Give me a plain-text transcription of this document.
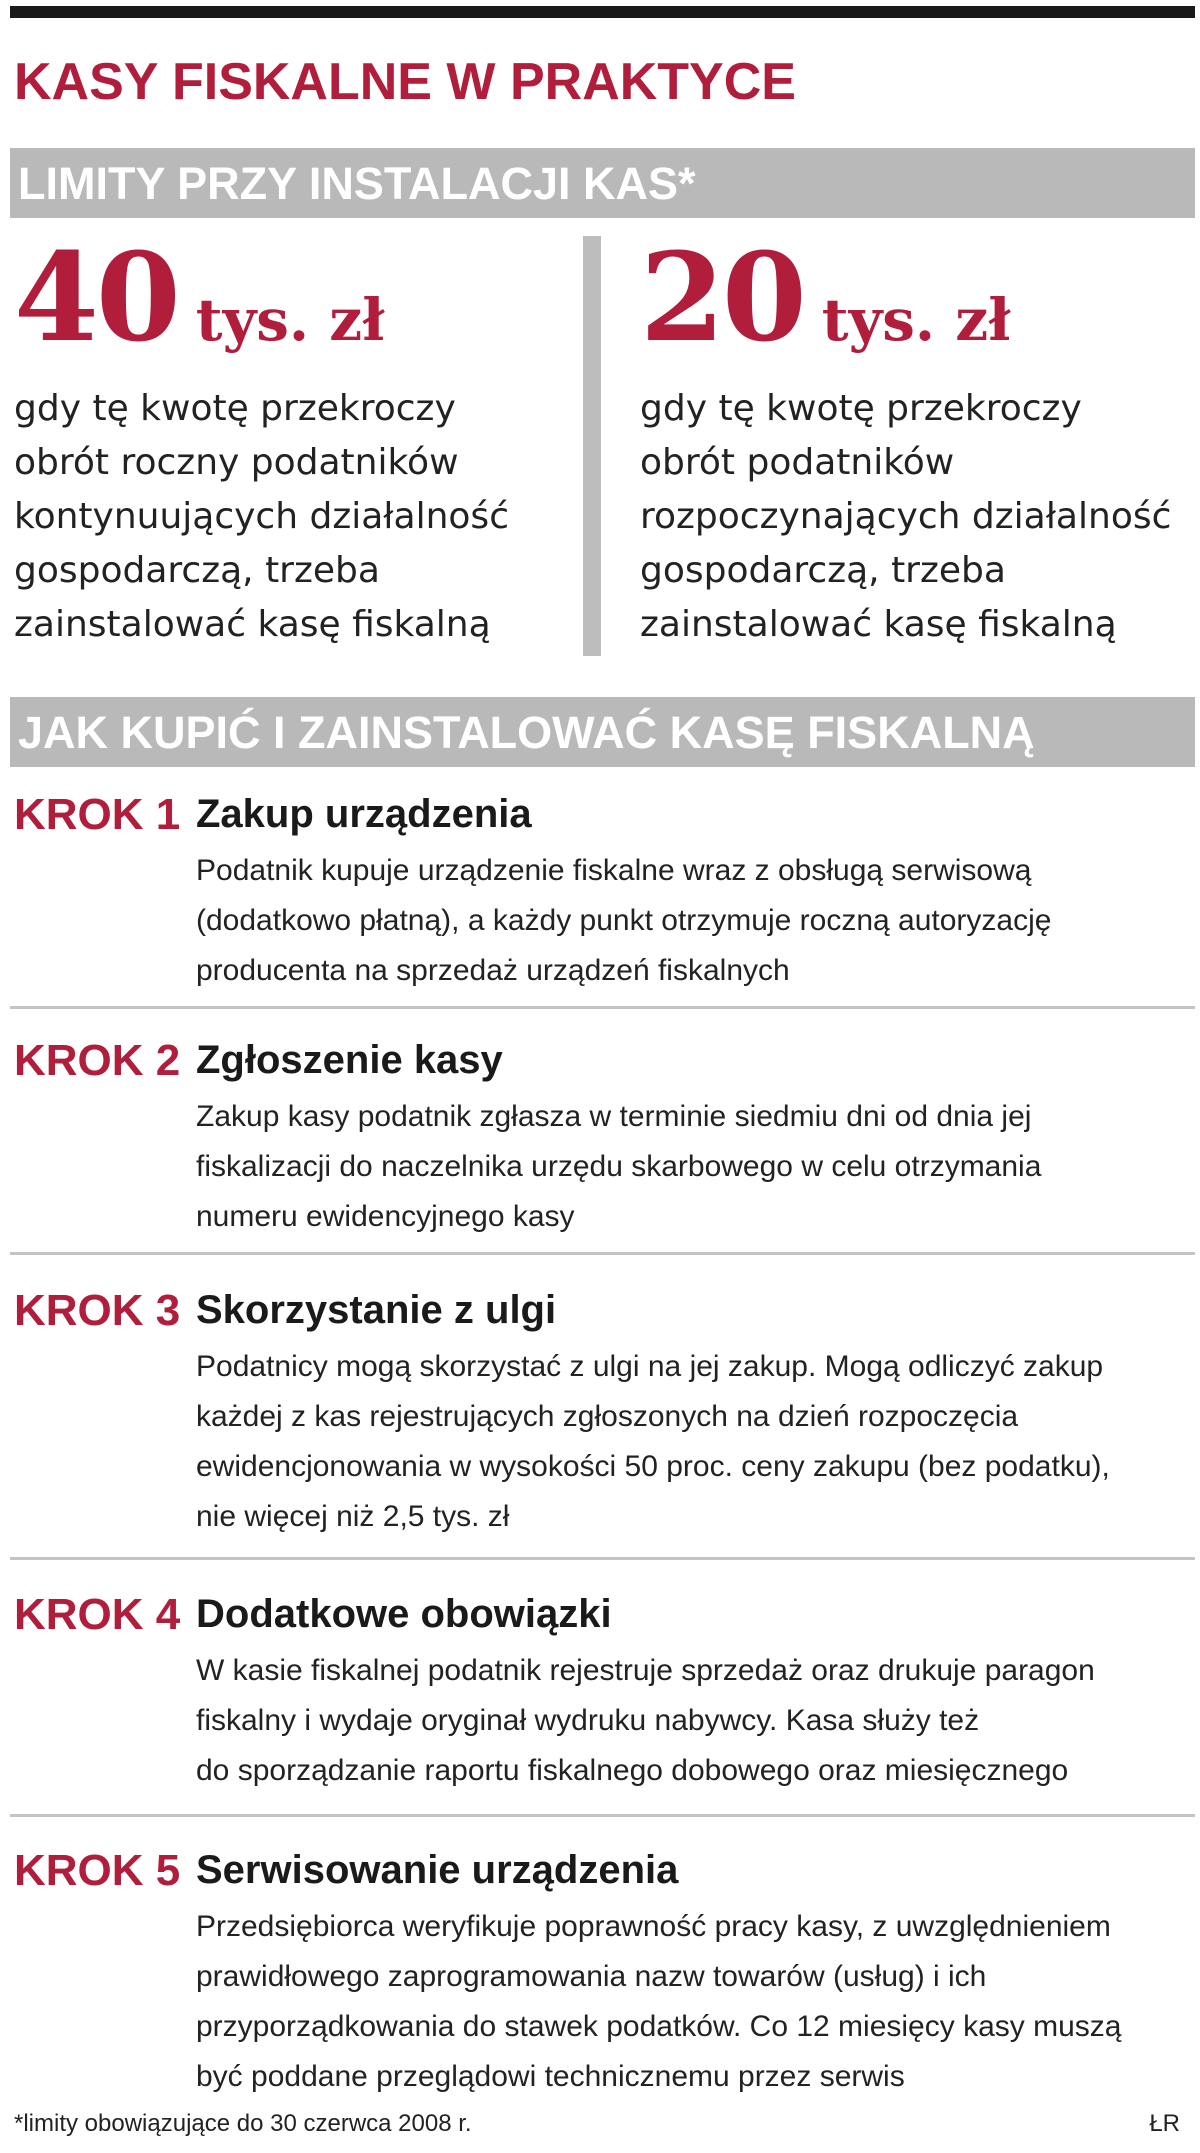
KASY FISKALNE W PRAKTYCE
LIMITY PRZY INSTALACJI KAS*
40 tys. zł
gdy tę kwotę przekroczy
obrót roczny podatników
kontynuujących działalność
gospodarczą, trzeba
zainstalować kasę fiskalną
20 tys. zł
gdy tę kwotę przekroczy
obrót podatników
rozpoczynających działalność
gospodarczą, trzeba
zainstalować kasę fiskalną
JAK KUPIĆ I ZAINSTALOWAĆ KASĘ FISKALNĄ
KROK 1 Zakup urządzenia
Podatnik kupuje urządzenie fiskalne wraz z obsługą serwisową
(dodatkowo płatną), a każdy punkt otrzymuje roczną autoryzację
producenta na sprzedaż urządzeń fiskalnych
KROK 2 Zgłoszenie kasy
Zakup kasy podatnik zgłasza w terminie siedmiu dni od dnia jej
fiskalizacji do naczelnika urzędu skarbowego w celu otrzymania
numeru ewidencyjnego kasy
KROK 3 Skorzystanie z ulgi
Podatnicy mogą skorzystać z ulgi na jej zakup. Mogą odliczyć zakup
każdej z kas rejestrujących zgłoszonych na dzień rozpoczęcia
ewidencjonowania w wysokości 50 proc. ceny zakupu (bez podatku),
nie więcej niż 2,5 tys. zł
KROK 4 Dodatkowe obowiązki
W kasie fiskalnej podatnik rejestruje sprzedaż oraz drukuje paragon
fiskalny i wydaje oryginał wydruku nabywcy. Kasa służy też
do sporządzanie raportu fiskalnego dobowego oraz miesięcznego
KROK 5 Serwisowanie urządzenia
Przedsiębiorca weryfikuje poprawność pracy kasy, z uwzględnieniem
prawidłowego zaprogramowania nazw towarów (usług) i ich
przyporządkowania do stawek podatków. Co 12 miesięcy kasy muszą
być poddane przeglądowi technicznemu przez serwis
*limity obowiązujące do 30 czerwca 2008 r.	ŁR
